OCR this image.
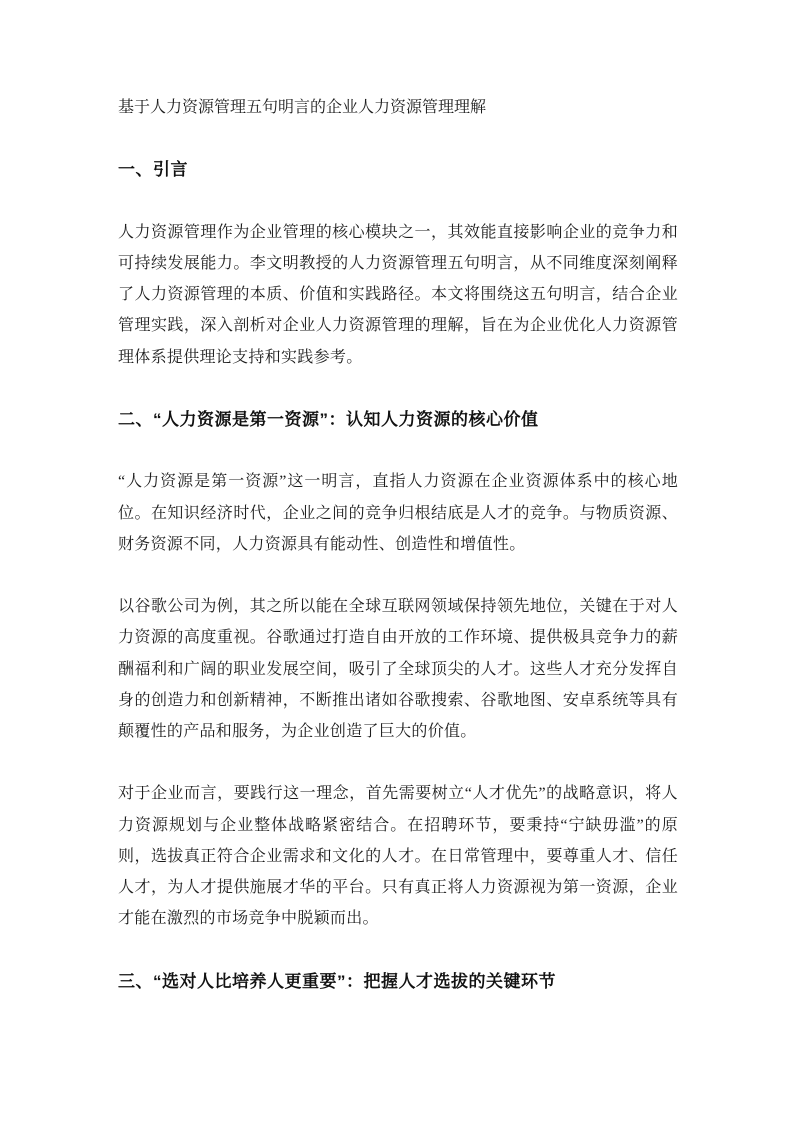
基于人力资源管理五句明言的企业人力资源管理理解

一、引言

人力资源管理作为企业管理的核心模块之一，其效能直接影响企业的竞争力和可持续发展能力。李文明教授的人力资源管理五句明言，从不同维度深刻阐释了人力资源管理的本质、价值和实践路径。本文将围绕这五句明言，结合企业管理实践，深入剖析对企业人力资源管理的理解，旨在为企业优化人力资源管理体系提供理论支持和实践参考。

二、“人力资源是第一资源”：认知人力资源的核心价值

“人力资源是第一资源”这一明言，直指人力资源在企业资源体系中的核心地位。在知识经济时代，企业之间的竞争归根结底是人才的竞争。与物质资源、财务资源不同，人力资源具有能动性、创造性和增值性。

以谷歌公司为例，其之所以能在全球互联网领域保持领先地位，关键在于对人力资源的高度重视。谷歌通过打造自由开放的工作环境、提供极具竞争力的薪酬福利和广阔的职业发展空间，吸引了全球顶尖的人才。这些人才充分发挥自身的创造力和创新精神，不断推出诸如谷歌搜索、谷歌地图、安卓系统等具有颠覆性的产品和服务，为企业创造了巨大的价值。

对于企业而言，要践行这一理念，首先需要树立“人才优先”的战略意识，将人力资源规划与企业整体战略紧密结合。在招聘环节，要秉持“宁缺毋滥”的原则，选拔真正符合企业需求和文化的人才。在日常管理中，要尊重人才、信任人才，为人才提供施展才华的平台。只有真正将人力资源视为第一资源，企业才能在激烈的市场竞争中脱颖而出。

三、“选对人比培养人更重要”：把握人才选拔的关键环节
